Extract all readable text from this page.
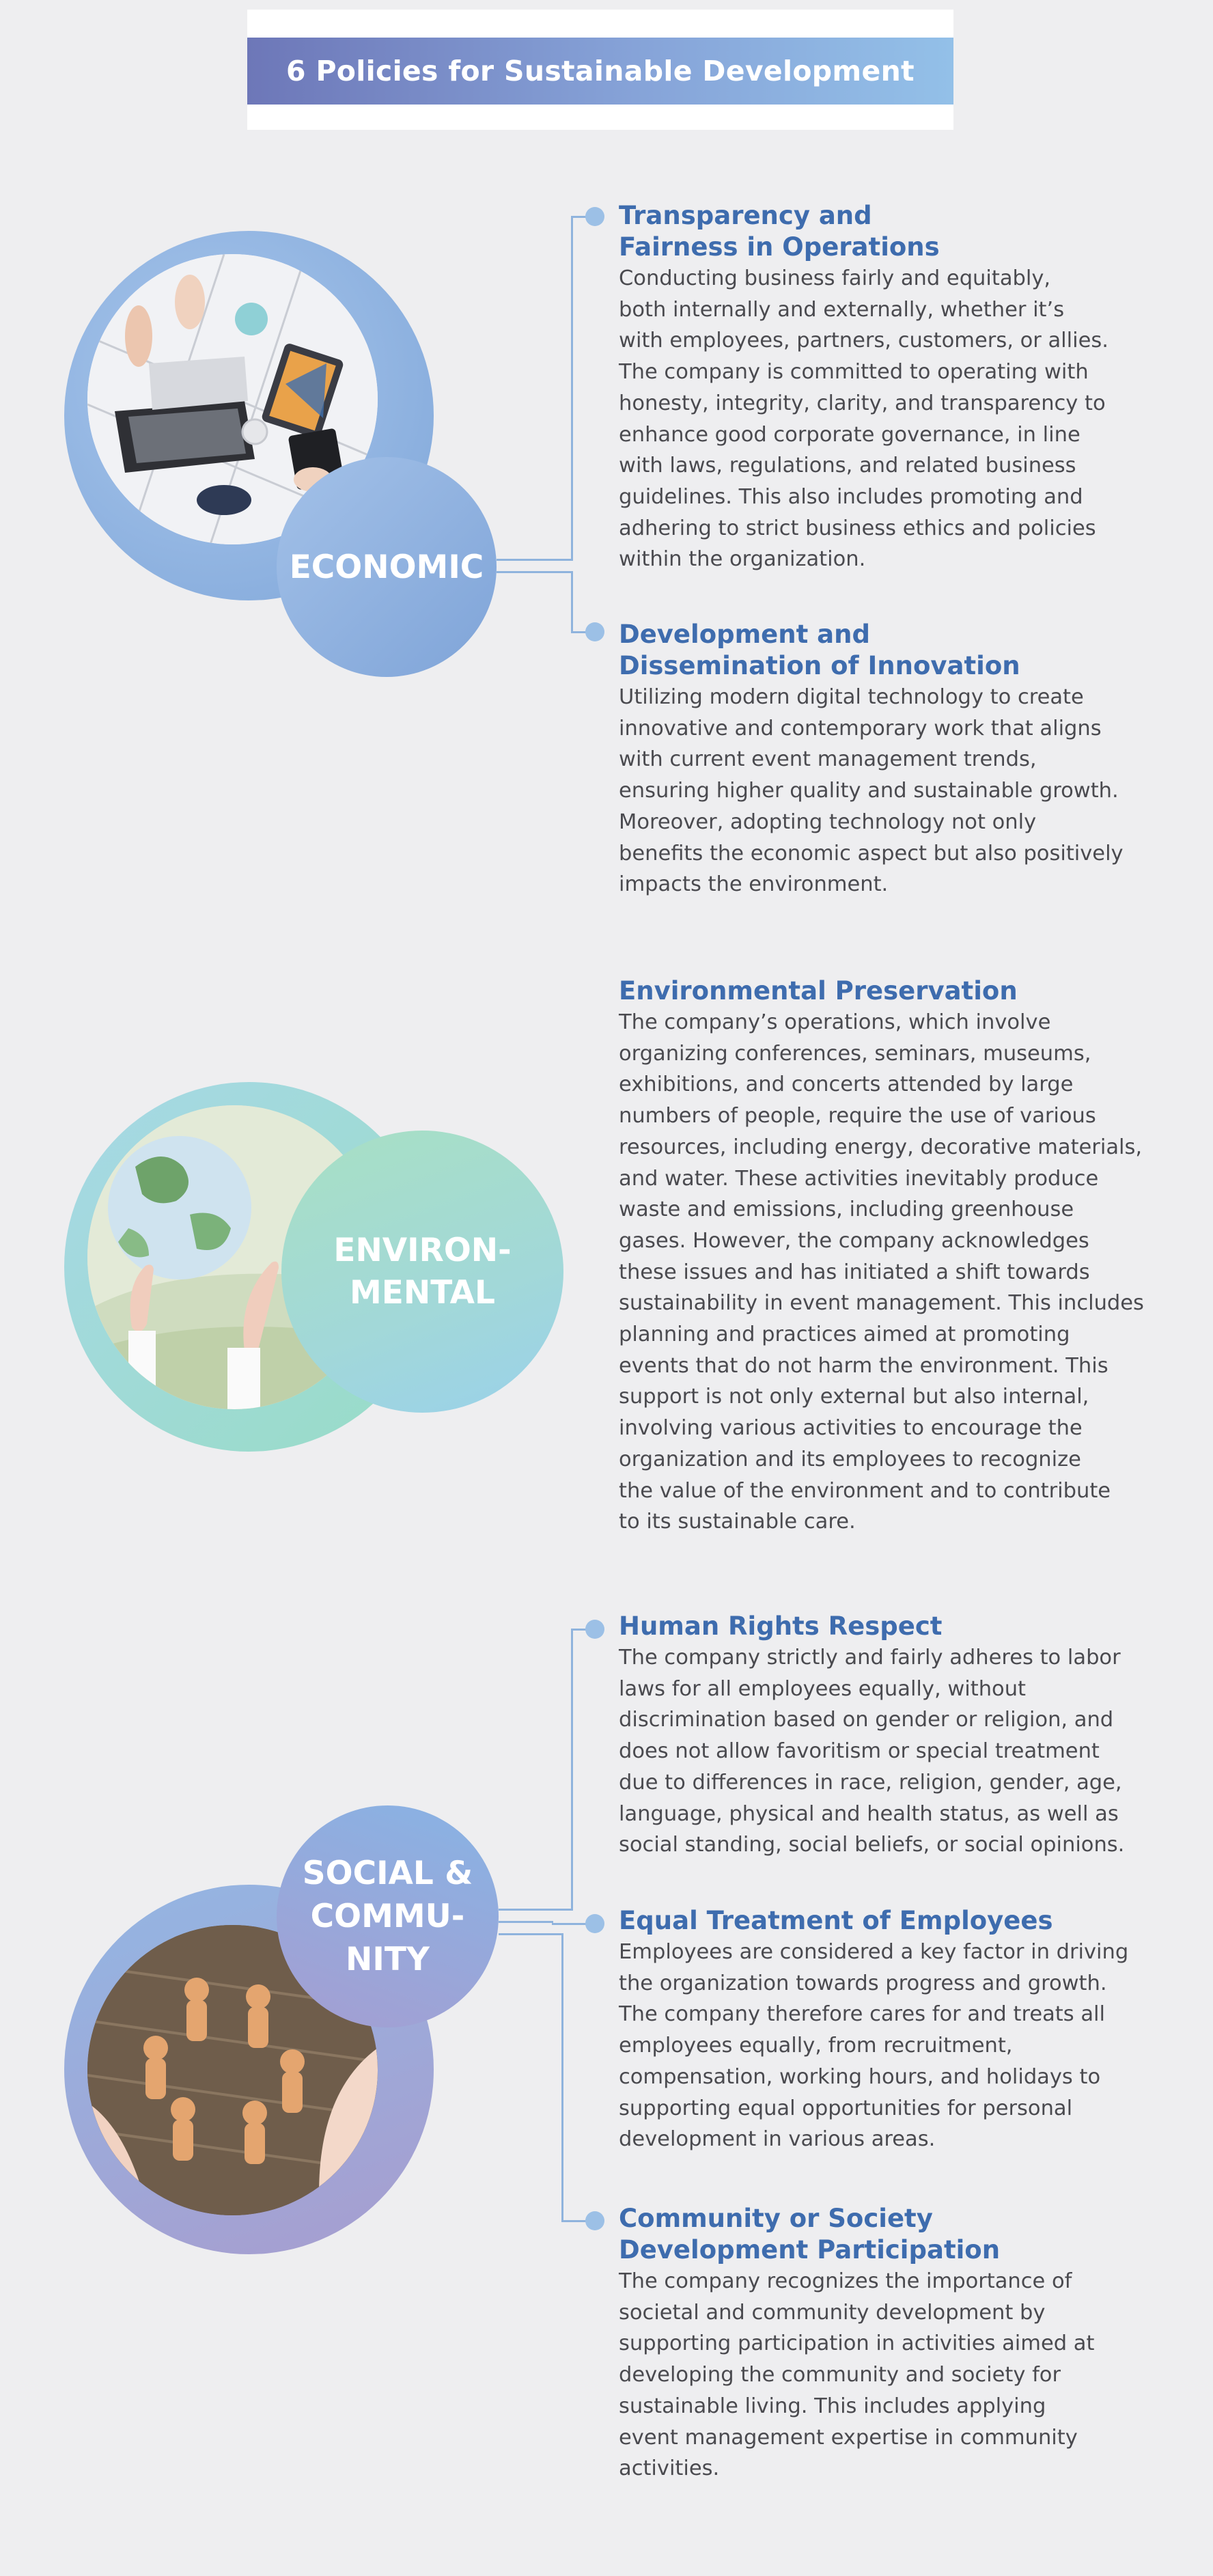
6 Policies for Sustainable Development
ECONOMIC
Transparency and
Fairness in Operations
Conducting business fairly and equitably,
both internally and externally, whether it’s
with employees, partners, customers, or allies.
The company is committed to operating with
honesty, integrity, clarity, and transparency to
enhance good corporate governance, in line
with laws, regulations, and related business
guidelines. This also includes promoting and
adhering to strict business ethics and policies
within the organization.
Development and
Dissemination of Innovation
Utilizing modern digital technology to create
innovative and contemporary work that aligns
with current event management trends,
ensuring higher quality and sustainable growth.
Moreover, adopting technology not only
benefits the economic aspect but also positively
impacts the environment.
ENVIRON-
MENTAL
Environmental Preservation
The company’s operations, which involve
organizing conferences, seminars, museums,
exhibitions, and concerts attended by large
numbers of people, require the use of various
resources, including energy, decorative materials,
and water. These activities inevitably produce
waste and emissions, including greenhouse
gases. However, the company acknowledges
these issues and has initiated a shift towards
sustainability in event management. This includes
planning and practices aimed at promoting
events that do not harm the environment. This
support is not only external but also internal,
involving various activities to encourage the
organization and its employees to recognize
the value of the environment and to contribute
to its sustainable care.
SOCIAL &
COMMU-
NITY
Human Rights Respect
The company strictly and fairly adheres to labor
laws for all employees equally, without
discrimination based on gender or religion, and
does not allow favoritism or special treatment
due to differences in race, religion, gender, age,
language, physical and health status, as well as
social standing, social beliefs, or social opinions.
Equal Treatment of Employees
Employees are considered a key factor in driving
the organization towards progress and growth.
The company therefore cares for and treats all
employees equally, from recruitment,
compensation, working hours, and holidays to
supporting equal opportunities for personal
development in various areas.
Community or Society
Development Participation
The company recognizes the importance of
societal and community development by
supporting participation in activities aimed at
developing the community and society for
sustainable living. This includes applying
event management expertise in community
activities.
